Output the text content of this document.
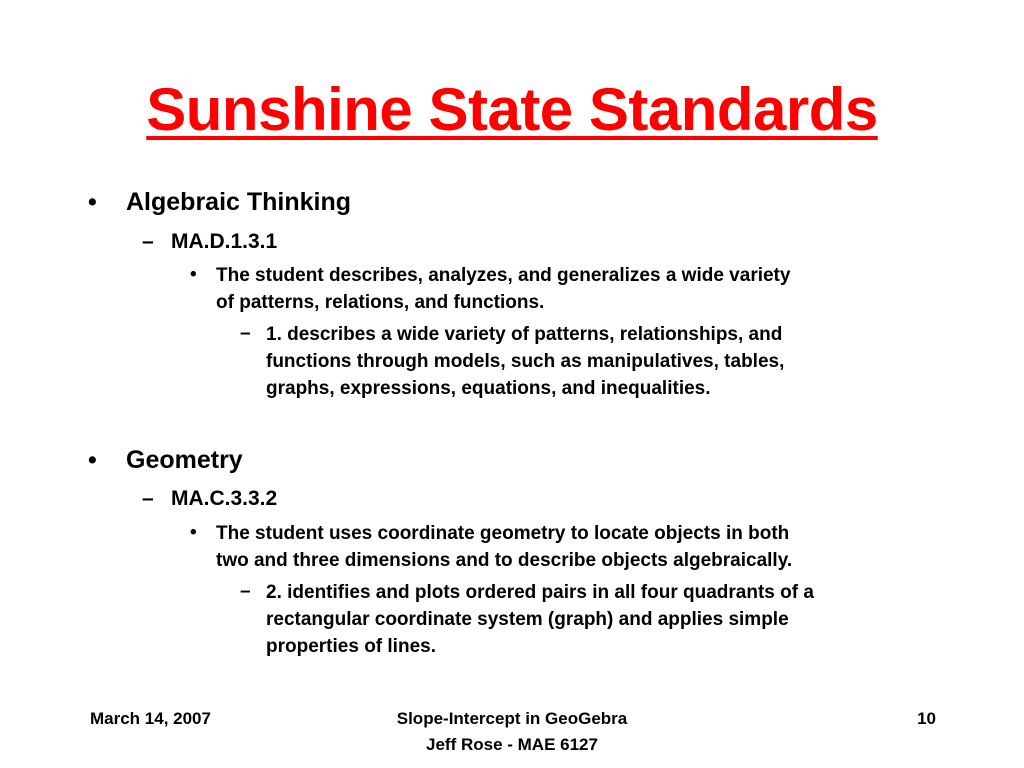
Sunshine State Standards
• Algebraic Thinking
– MA.D.1.3.1
• The student describes, analyzes, and generalizes a wide variety
of patterns, relations, and functions.
– 1. describes a wide variety of patterns, relationships, and
functions through models, such as manipulatives, tables,
graphs, expressions, equations, and inequalities.
• Geometry
– MA.C.3.3.2
• The student uses coordinate geometry to locate objects in both
two and three dimensions and to describe objects algebraically.
– 2. identifies and plots ordered pairs in all four quadrants of a
rectangular coordinate system (graph) and applies simple
properties of lines.
March 14, 2007	Slope-Intercept in GeoGebra
Jeff Rose - MAE 6127
10
